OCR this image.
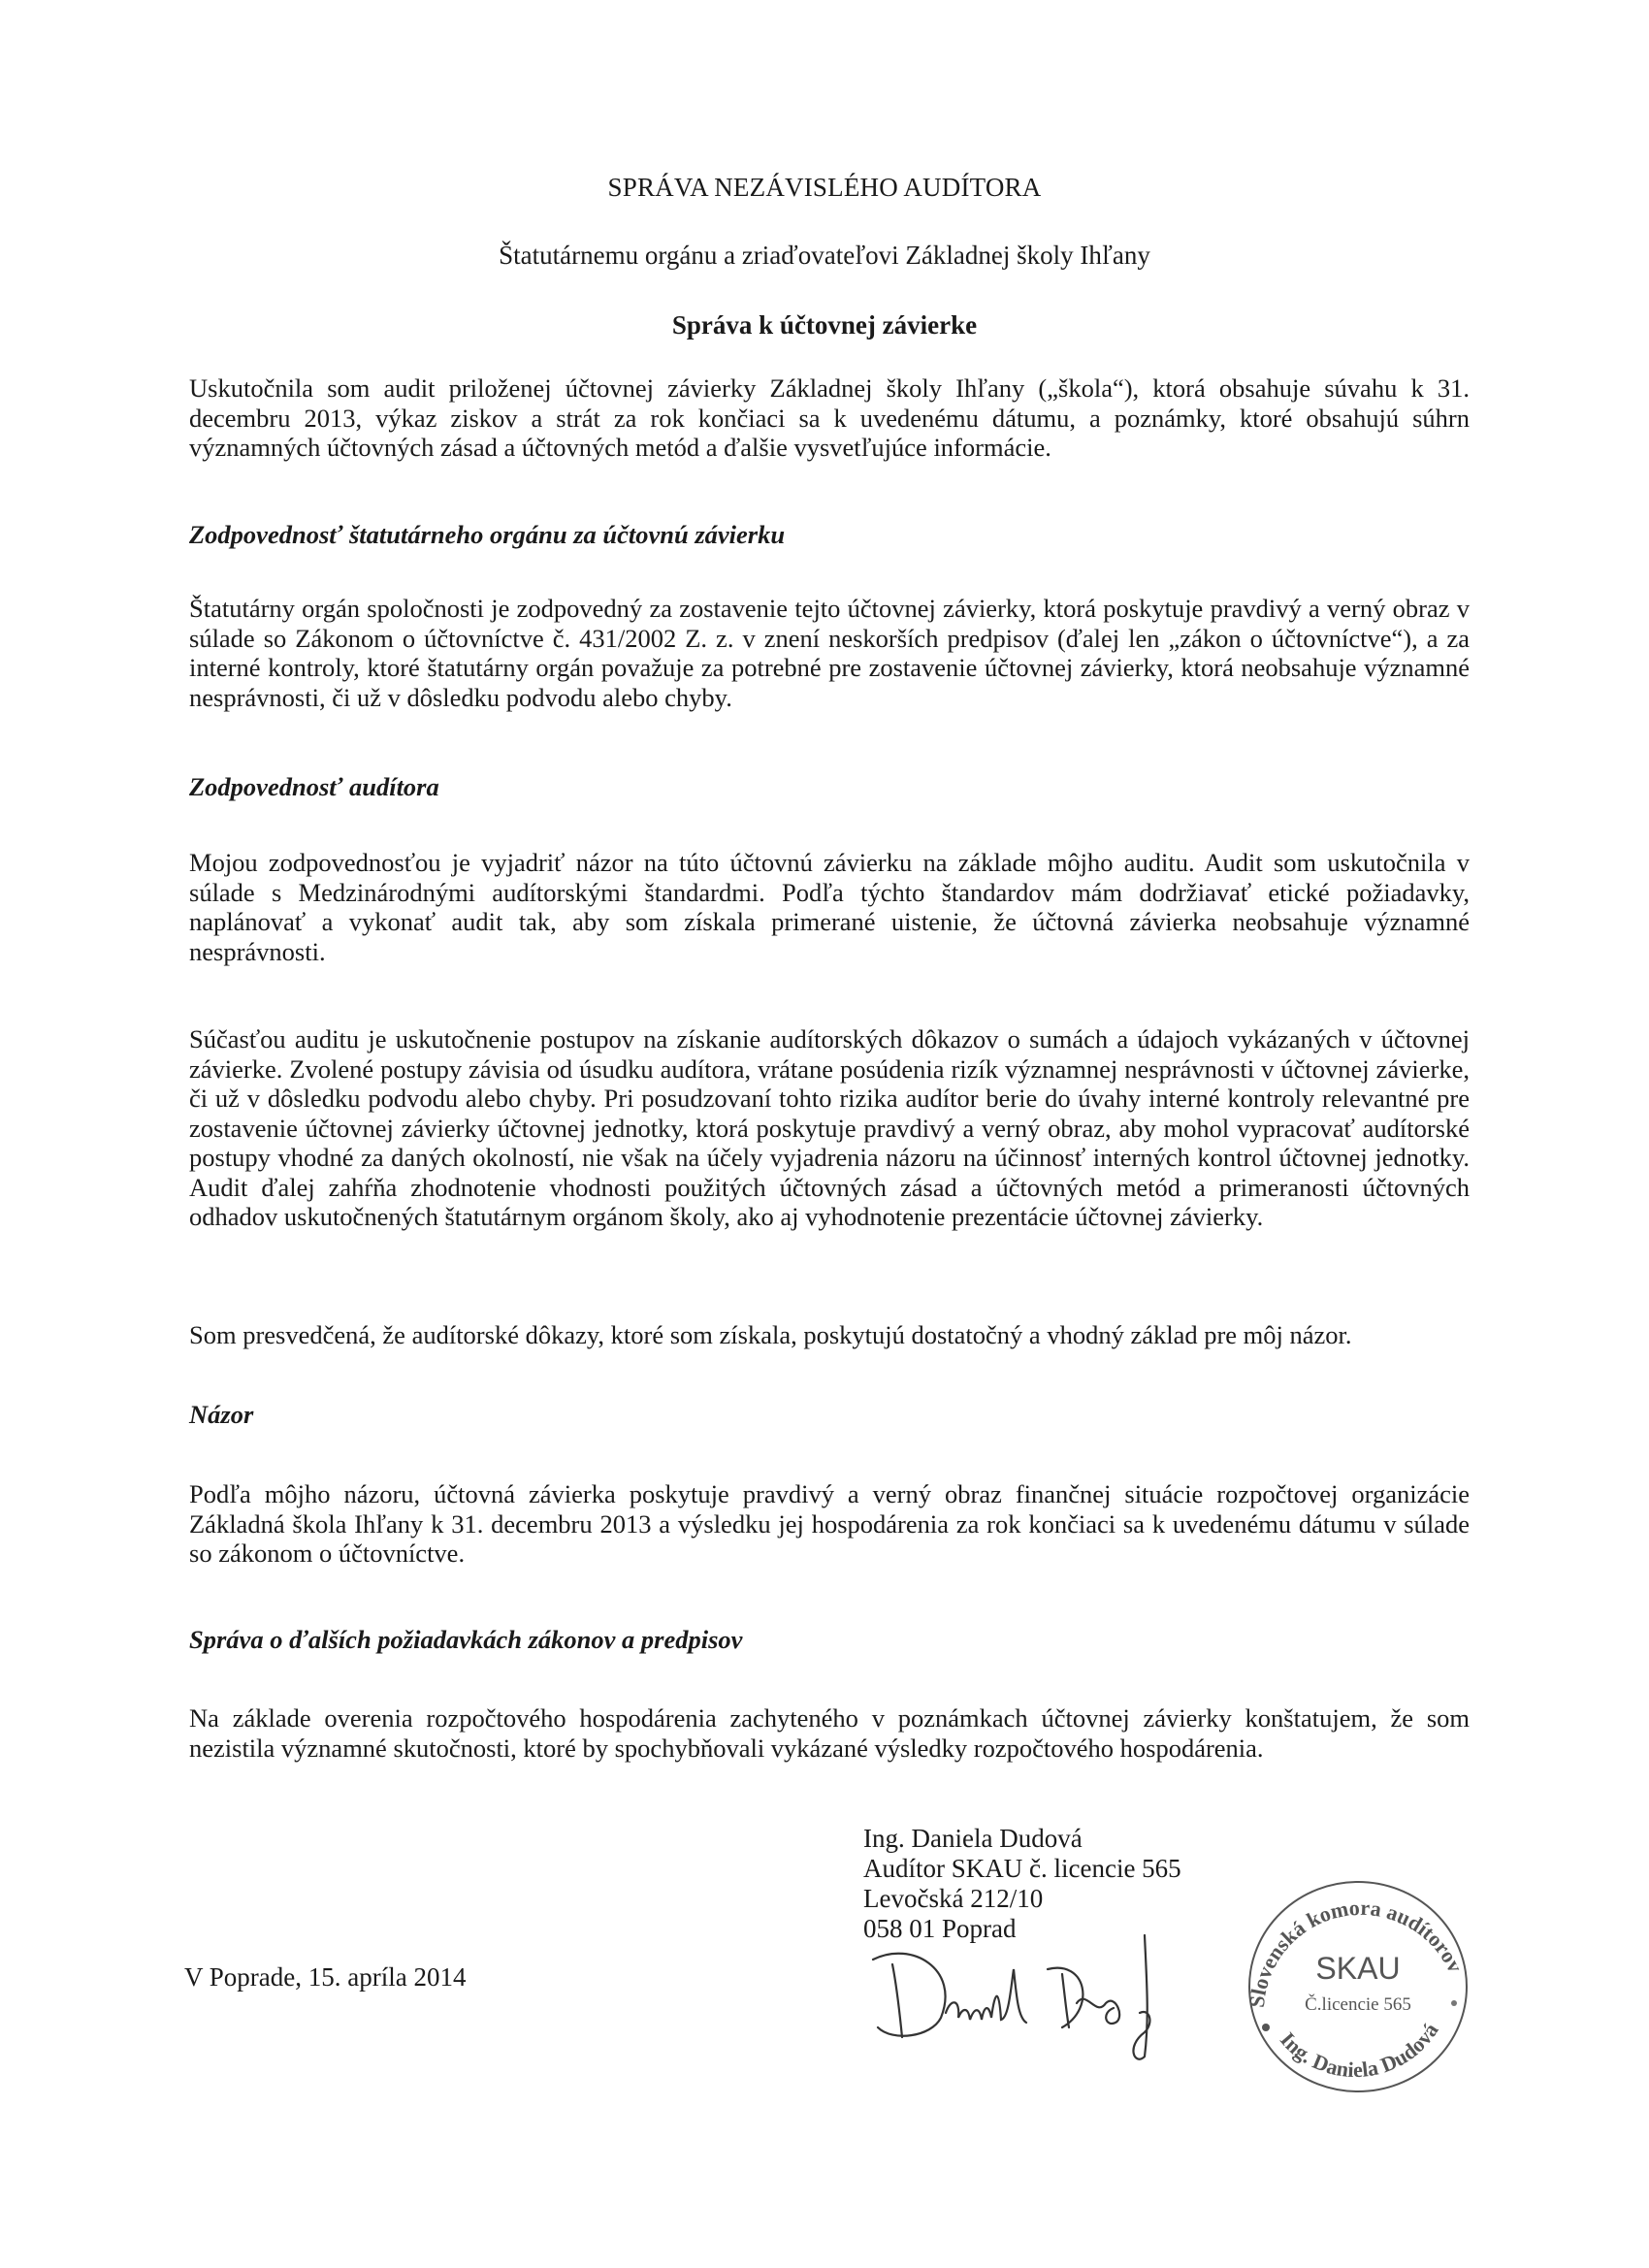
SPRÁVA NEZÁVISLÉHO AUDÍTORA
Štatutárnemu orgánu a zriaďovateľovi Základnej školy Ihľany
Správa k účtovnej závierke

Uskutočnila som audit priloženej účtovnej závierky Základnej školy Ihľany („škola“), ktorá obsahuje súvahu k 31. decembru 2013, výkaz ziskov a strát za rok končiaci sa k uvedenému dátumu, a poznámky, ktoré obsahujú súhrn významných účtovných zásad a účtovných metód a ďalšie vysvetľujúce informácie.

Zodpovednosť štatutárneho orgánu za účtovnú závierku

Štatutárny orgán spoločnosti je zodpovedný za zostavenie tejto účtovnej závierky, ktorá poskytuje pravdivý a verný obraz v súlade so Zákonom o účtovníctve č. 431/2002 Z. z. v znení neskorších predpisov (ďalej len „zákon o účtovníctve“), a za interné kontroly, ktoré štatutárny orgán považuje za potrebné pre zostavenie účtovnej závierky, ktorá neobsahuje významné nesprávnosti, či už v dôsledku podvodu alebo chyby.

Zodpovednosť audítora

Mojou zodpovednosťou je vyjadriť názor na túto účtovnú závierku na základe môjho auditu. Audit som uskutočnila v súlade s Medzinárodnými audítorskými štandardmi. Podľa týchto štandardov mám dodržiavať etické požiadavky, naplánovať a vykonať audit tak, aby som získala primerané uistenie, že účtovná závierka neobsahuje významné nesprávnosti.

Súčasťou auditu je uskutočnenie postupov na získanie audítorských dôkazov o sumách a údajoch vykázaných v účtovnej závierke. Zvolené postupy závisia od úsudku audítora, vrátane posúdenia rizík významnej nesprávnosti v účtovnej závierke, či už v dôsledku podvodu alebo chyby. Pri posudzovaní tohto rizika audítor berie do úvahy interné kontroly relevantné pre zostavenie účtovnej závierky účtovnej jednotky, ktorá poskytuje pravdivý a verný obraz, aby mohol vypracovať audítorské postupy vhodné za daných okolností, nie však na účely vyjadrenia názoru na účinnosť interných kontrol účtovnej jednotky. Audit ďalej zahŕňa zhodnotenie vhodnosti použitých účtovných zásad a účtovných metód a primeranosti účtovných odhadov uskutočnených štatutárnym orgánom školy, ako aj vyhodnotenie prezentácie účtovnej závierky.

Som presvedčená, že audítorské dôkazy, ktoré som získala, poskytujú dostatočný a vhodný základ pre môj názor.

Názor

Podľa môjho názoru, účtovná závierka poskytuje pravdivý a verný obraz finančnej situácie rozpočtovej organizácie Základná škola Ihľany k 31. decembru 2013 a výsledku jej hospodárenia za rok končiaci sa k uvedenému dátumu v súlade so zákonom o účtovníctve.

Správa o ďalších požiadavkách zákonov a predpisov

Na základe overenia rozpočtového hospodárenia zachyteného v poznámkach účtovnej závierky konštatujem, že som nezistila významné skutočnosti, ktoré by spochybňovali vykázané výsledky rozpočtového hospodárenia.

Ing. Daniela Dudová
Audítor SKAU č. licencie 565
Levočská 212/10
058 01 Poprad
V Poprade, 15. apríla 2014
Slovenská komora audítorov
Ing. Daniela Dudová
SKAU
Č.licencie 565
